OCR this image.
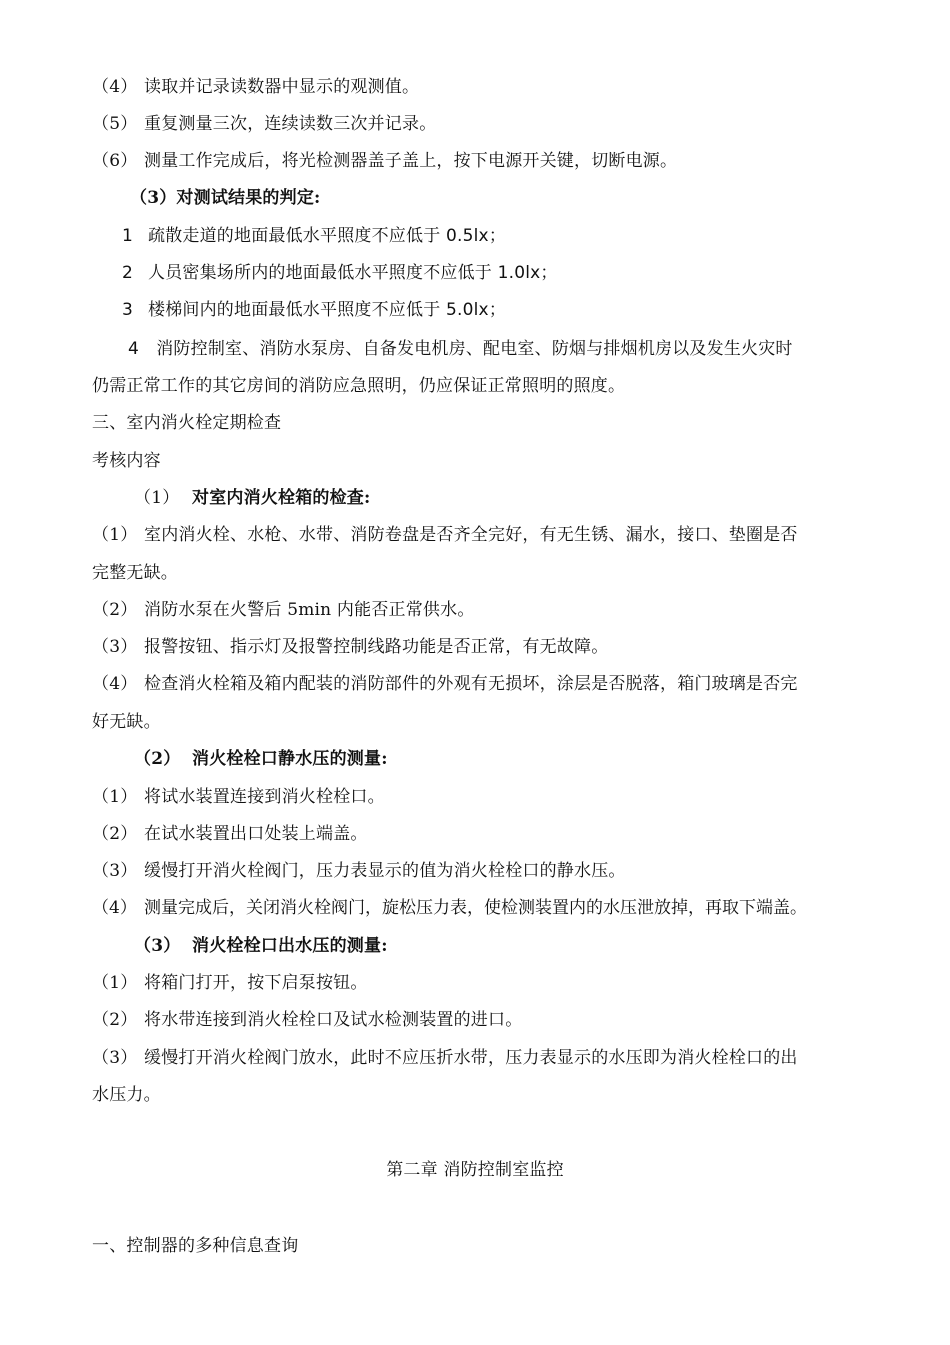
（4） 读取并记录读数器中显示的观测值。
（5） 重复测量三次，连续读数三次并记录。
（6） 测量工作完成后，将光检测器盖子盖上，按下电源开关键，切断电源。
（3）对测试结果的判定:
1 疏散走道的地面最低水平照度不应低于 0.5lx；
2 人员密集场所内的地面最低水平照度不应低于 1.0lx；
3 楼梯间内的地面最低水平照度不应低于 5.0lx；
4　消防控制室、消防水泵房、自备发电机房、配电室、防烟与排烟机房以及发生火灾时
仍需正常工作的其它房间的消防应急照明，仍应保证正常照明的照度。
三、室内消火栓定期检查
考核内容
（1） 对室内消火栓箱的检查:
（1） 室内消火栓、水枪、水带、消防卷盘是否齐全完好，有无生锈、漏水，接口、垫圈是否
完整无缺。
（2） 消防水泵在火警后 5min 内能否正常供水。
（3） 报警按钮、指示灯及报警控制线路功能是否正常，有无故障。
（4） 检查消火栓箱及箱内配装的消防部件的外观有无损坏，涂层是否脱落，箱门玻璃是否完
好无缺。
（2） 消火栓栓口静水压的测量:
（1） 将试水装置连接到消火栓栓口。
（2） 在试水装置出口处装上端盖。
（3） 缓慢打开消火栓阀门，压力表显示的值为消火栓栓口的静水压。
（4） 测量完成后，关闭消火栓阀门，旋松压力表，使检测装置内的水压泄放掉，再取下端盖。
（3） 消火栓栓口出水压的测量:
（1） 将箱门打开，按下启泵按钮。
（2） 将水带连接到消火栓栓口及试水检测装置的进口。
（3） 缓慢打开消火栓阀门放水，此时不应压折水带，压力表显示的水压即为消火栓栓口的出
水压力。
第二章 消防控制室监控
一、控制器的多种信息查询
